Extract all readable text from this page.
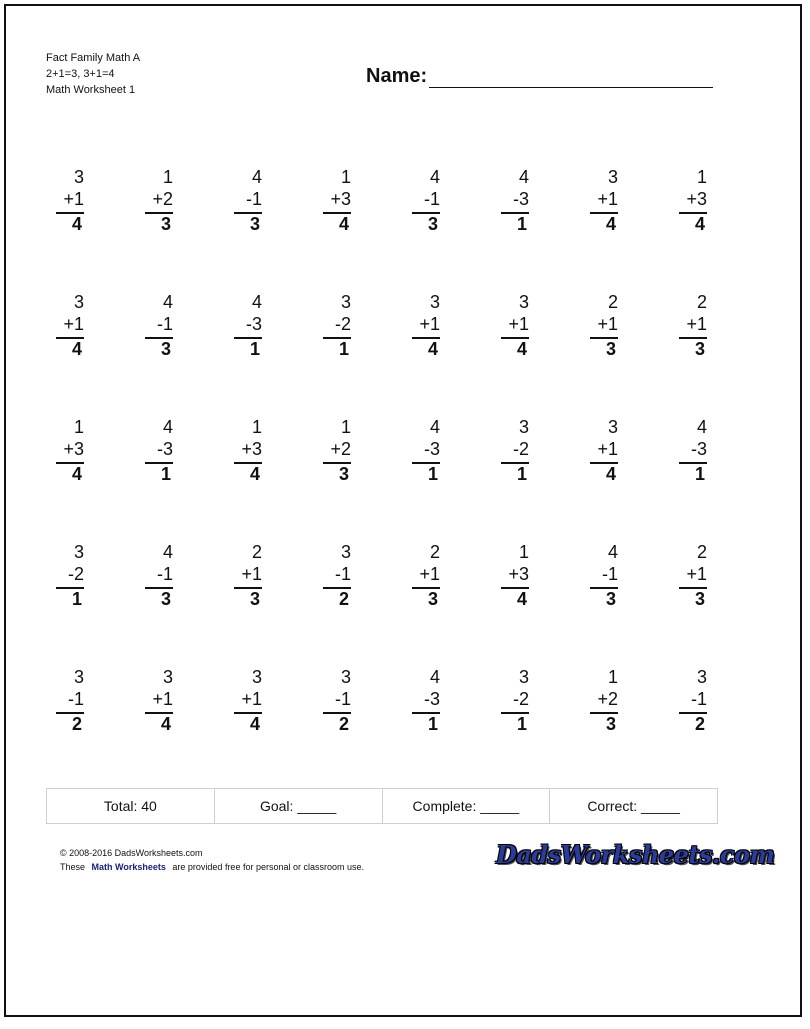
Fact Family Math A
2+1=3, 3+1=4
Math Worksheet 1
Name:
3
+1
4
1
+2
3
4
-1
3
1
+3
4
4
-1
3
4
-3
1
3
+1
4
1
+3
4
3
+1
4
4
-1
3
4
-3
1
3
-2
1
3
+1
4
3
+1
4
2
+1
3
2
+1
3
1
+3
4
4
-3
1
1
+3
4
1
+2
3
4
-3
1
3
-2
1
3
+1
4
4
-3
1
3
-2
1
4
-1
3
2
+1
3
3
-1
2
2
+1
3
1
+3
4
4
-1
3
2
+1
3
3
-1
2
3
+1
4
3
+1
4
3
-1
2
4
-3
1
3
-2
1
1
+2
3
3
-1
2
Total: 40	Goal: _____	Complete: _____	Correct: _____
© 2008-2016 DadsWorksheets.com
These Math Worksheets are provided free for personal or classroom use.	DadsWorksheets.com
